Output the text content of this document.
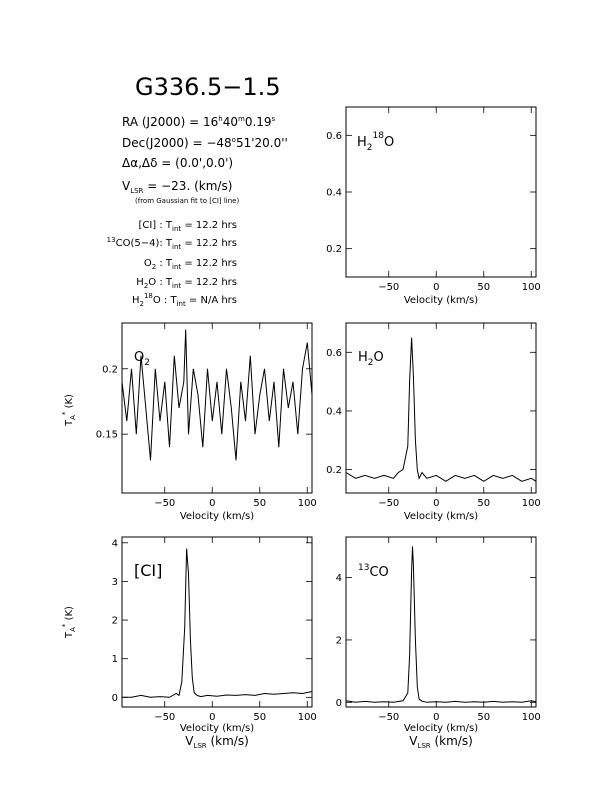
G336.5−1.5
RA $(J2000) = 16^h40^m0.19^s$
$Dec(J2000) = -48^o51'20.0''$
Δα,Δδ = (0.0',0.0')
$V_{LSR} = -23$. (km/s)
(from Gaussian fit to [CI] line)
[CI] : $T_{int} = 12.2$ hrs
$^{13}$CO(5−4): $T_{int} = 12.2$ hrs
$O_2$ : $T_{int} = 12.2$ hrs
$H_2O$ : $T_{int} = 12.2$ hrs
$H_2^{18}O$ : $T_{int} = N/A$ hrs
−50	0	50	100
0.2
0.4
0.6 $H_2^{18}O$
Velocity (km/s)
−50	0	50	100
0.15
0.2
$O_2$
Velocity (km/s)
$T_A^*$ (K)
−50	0	50	100
0.2
0.4
0.6 $H_2O$
Velocity (km/s)
−50	0	50	100
0
1
2
3
4
[CI]
Velocity (km/s)
$V_{LSR}$ (km/s)
$T_A^*$ (K)
−50	0	50	100
0
2
4
$^{13}$CO
Velocity (km/s)
$V_{LSR}$ (km/s)
